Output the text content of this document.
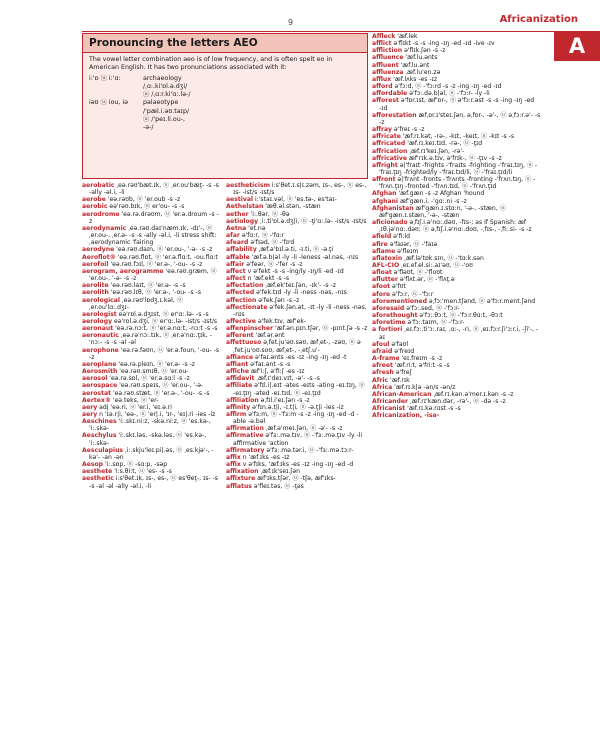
9	Africanization
A
Pronouncing the letters AEO
The vowel letter combination aeo is of low frequency, and is often spelt eo in American English. It has two pronunciations associated with it:
i:'ɒ ⓤ i:'ɑ:	archaeology
/ˌɑ:.ki'ɒl.ə.dʒi/
ⓤ /ˌɑ:r.ki'ɑ:.lə-/
iəʊ ⓤ iou, iə	palaeotype
/'pæl.i.əʊ.taɪp/
ⓤ /'peɪ.li.ou-,
-ə-/
aerobatic ˌeə.rəʊ'bæt.ɪk, ⓤ ˌer.ou'bæţ- -s -s -ally -əl.i, -li
aerobe 'eə.rəʊb, ⓤ 'er.oub -s -z
aerobic eə'rəʊ.bɪk, ⓤ er'ou- -s -s
aerodrome 'eə.rə.drəʊm, ⓤ 'er.ə.droum -s -z
aerodynamic ˌeə.rəʊ.daɪ'næm.ɪk, -dɪ'-, ⓤ ˌer.ou-, ˌer.ə- -s -s -ally -əl.i, -li stress shift: ˌaerodynamic 'fairing
aerodyne 'eə.rəʊ.daɪn, ⓤ 'er.ou-, '-ə- -s -z
Aeroflot® 'eə.rəʊ.flɒt, ⓤ 'er.ə.flɑ:t, -ou.flɑ:t
aerofoil 'eə.rəʊ.fɔɪl, ⓤ 'er.ə-, '-ou- -s -z
aerogram, aerogramme 'eə.rəʊ.græm, ⓤ 'er.ou-, '-ə- -s -z
aerolite 'eə.rəʊ.laɪt, ⓤ 'er.ə- -s -s
aerolith 'eə.rəʊ.lɪθ, ⓤ 'er.ə-, '-ou- -s -s
aerological ˌeə.rəʊ'lɒdʒ.ɪ.kəl, ⓤ ˌer.ou'lɑ:.dʒɪ-
aerologist eə'rɒl.ə.dʒɪst, ⓤ er'ɑ:.lə- -s -s
aerology eə'rɒl.ə.dʒi, ⓤ er'ɑ:.lə- -ist/s -ɪst/s
aeronaut 'eə.rə.nɔ:t, ⓤ 'er.ə.nɑ:t, -nɔ:t -s -s
aeronautic ˌeə.rə'nɔ:.tɪk, ⓤ ˌer.ə'nɑ:.ţɪk, -'nɔ:- -s -s -al -əl
aerophone 'eə.rə.fəʊn, ⓤ 'er.ə.foun, '-ou- -s -z
aeroplane 'eə.rə.pleɪn, ⓤ 'er.ə- -s -z
Aerosmith 'eə.rəʊ.smɪθ, ⓤ 'er.ou-
aerosol 'eə.rə.sɒl, ⓤ 'er.ə.sɑ:l -s -z
aerospace 'eə.rəʊ.speɪs, ⓤ 'er.ou-, '-ə-
aerostat 'eə.rəʊ.stæt, ⓤ 'er.ə-, '-ou- -s -s
Aertex® 'eə.teks, ⓤ 'er-
aery adj 'eə.ri, ⓤ 'er.i, 'eɪ.ə.ri
aery n 'ɪə.r|i, 'eə-, ⓤ 'er|.i, 'ɪr-, 'eɪ|.ri -ies -iz
Aeschines 'i:.skɪ.ni:z, -skə.ni:z, ⓤ 'es.kə-, 'i:.skə-
Aeschylus 'i:.skɪ.ləs, -skə.ləs, ⓤ 'es.kə-, 'i:.skə-
Aesculapius ˌi:.skju'leɪ.pi|.əs, ⓤ ˌes.kjə'-, -kə'- -an -ən
Aesop 'i:.sɒp, ⓤ -sɑ:p, -səp
aesthete 'i:s.θi:t, ⓤ 'es- -s -s
aesthetic i:s'θet.ɪk, ɪs-, es-, ⓤ es'θeţ-, ɪs- -s -s -al -əl -ally -əl.i, -li
aestheticism i:s'θet.ɪ.s|ɪ.zəm, ɪs-, es-, ⓤ es-, ɪs- -ist/s -ɪst/s
aestival i:'staɪ.vəl, ⓤ 'es.tə-, es'taɪ-
Aethelstan 'æθ.əl.stən, -stæn
aether 'i:.θər, ⓤ -θə
aetiology ˌi:.ti'ɒl.ə.dʒ|i, ⓤ -ţi'ɑ:.lə- -ist/s -ɪst/s
Aetna 'et.nə
afar ə'fɑ:r, ⓤ -'fɑ:r
afeard ə'fɪəd, ⓤ -'fɪrd
affability ˌæf.ə'bɪl.ə.ti, -ɪ.ti, ⓤ -ə.ţi
affable 'æf.ə.b|əl -ly -li -leness -əl.nəs, -nɪs
affair ə'feər, ⓤ -'fer -s -z
affect v ə'fekt -s -s -ing/ly -ɪŋ/li -ed -ɪd
affect n 'æf.ekt -s -s
affectation ˌæf.ek'teɪ.ʃən, -ɪk'- -s -z
affected ə'fek.tɪd -ly -li -ness -nəs, -nɪs
affection ə'fek.ʃən -s -z
affectionate ə'fek.ʃən.ət, -ɪt -ly -li -ness -nəs, -nɪs
affective ə'fek.tɪv, æf'ek-
affenpinscher 'æf.ən.pɪn.tʃər, ⓤ -pɪnt.ʃə -s -z
afferent 'æf.ər.ənt
affettuoso əˌfet.ju'əʊ.səʊ, æfˌet-, -zəʊ, ⓤ əˌfet.ju'oʊ.soʊ, æfˌet-, -ˌetʃ.u'-
affiance ə'faɪ.ənts -es -ɪz -ing -ɪŋ -ed -t
affiant ə'faɪ.ənt -s -s
affiche æf'i:ʃ, ə'fi:ʃ -es -ɪz
affidavit ˌæf.ɪ'deɪ.vɪt, -ə'- -s -s
affiliate ə'fɪl.i|.eɪt -ates -eɪts -ating -eɪ.tɪŋ, ⓤ -eɪ.ţɪŋ -ated -eɪ.tɪd, ⓤ -eɪ.ţɪd
affiliation əˌfɪl.i'eɪ.ʃən -s -z
affinity ə'fɪn.ə.t|i, -ɪ.t|i, ⓤ -ə.ţ|i -ies -iz
affirm ə'fɜ:m, ⓤ -'fɜ:m -s -z -ing -ɪŋ -ed -d -able -ə.bəl
affirmation ˌæf.ə'meɪ.ʃən, ⓤ -ə'- -s -z
affirmative ə'fɜ:.mə.tɪv, ⓤ -'fɜ:.mə.ţɪv -ly -li affirmative 'action
affirmatory ə'fɜ:.mə.tər.i, ⓤ -'fɜ:.mə.tɔ:r-
affix n 'æf.ɪks -es -ɪz
affix v ə'fɪks, 'æf.ɪks -es -ɪz -ing -ɪŋ -ed -d
affixation ˌæf.ɪk'seɪ.ʃən
affixture æf'ɪks.tʃər, ⓤ -tʃə, æf'ɪks-
afflatus ə'fleɪ.təs, ⓤ -ţəs
Affleck 'æf.lek
afflict ə'flɪkt -s -s -ing -ɪŋ -ed -ɪd -ive -ɪv
affliction ə'flɪk.ʃən -s -z
affluence 'æf.lu.ənts
affluent 'æf.lu.ənt
affluenza ˌæf.lu'en.zə
afflux 'æf.lʌks -es -ɪz
afford ə'fɔ:d, ⓤ -'fɔ:rd -s -z -ing -ɪŋ -ed -ɪd
affordable ə'fɔ:.də.b|əl, ⓤ -'fɔ:r- -ly -li
afforest ə'fɒr.ɪst, æf'ɒr-, ⓤ ə'fɔ:r.əst -s -s -ing -ɪŋ -ed -ɪd
afforestation æfˌɒr.ɪ'steɪ.ʃən, əˌfɒr-, -ə'-, ⓤ əˌfɔ:r.ə'- -s -z
affray ə'freɪ -s -z
affricate 'æf.rɪ.kət, -rə-, -kɪt, -keɪt, ⓤ -kɪt -s -s
affricated 'æf.rɪ.keɪ.tɪd, -rə-, ⓤ -ţɪd
affrication ˌæf.rɪ'keɪ.ʃən, -rə'-
affricative æf'rɪk.ə.tɪv, ə'frɪk-, ⓤ -ţɪv -s -z
affright ə|'fraɪt -frights -'fraɪts -frighting -'fraɪ.tɪŋ, ⓤ -'fraɪ.ţɪŋ -frighted/ly -'fraɪ.tɪd/li, ⓤ -'fraɪ.ţɪd/li
affront ə|'frʌnt -fronts -'frʌnts -fronting -'frʌn.tɪŋ, ⓤ -'frʌn.ţɪŋ -fronted -'frʌn.tɪd, ⓤ -'frʌn.ţɪd
Afghan 'æf.gæn -s -z Afghan 'hound
afghani æf'gæn.i, -'gɑ:.ni -s -z
Afghanistan æf'gæn.ɪ.stɑ:n, '-ə-, -stæn, ⓤ æf'gæn.ɪ.stæn, '-ə-, -stæn
aficionado əˌfɪʃ.i.ə'nɑ:.dəʊ, -fɪs-; as if Spanish: æfˌɪθ.jə'nɑ:.dəʊ; ⓤ əˌfɪʃ.i.ə'nɑ:.doʊ, -ˌfɪs-, -ˌfi:.si- -s -z
afield ə'fi:ld
afire ə'faɪər, ⓤ -'faɪə
aflame ə'fleɪm
aflatoxin ˌæf.lə'tɒk.sɪn, ⓤ -'tɑ:k.sən
AFL-CIO ˌeɪ.ef.el.si:.aɪ'əʊ, ⓤ -'oʊ
afloat ə'fləʊt, ⓤ -'floʊt
aflutter ə'flʌt.ər, ⓤ -'flʌţ.ə
afoot ə'fʊt
afore ə'fɔ:r, ⓤ -'fɔ:r
aforementioned əˌfɔ:'men.tʃənd, ⓤ əˈfɔ:r.ment.ʃənd
aforesaid ə'fɔ:.sed, ⓤ -'fɔ:r-
aforethought ə'fɔ:.θɔ:t, ⓤ -'fɔ:r.θɑ:t, -θɔ:t
aforetime ə'fɔ:.taɪm, ⓤ -'fɔ:r-
a fortiori ˌeɪ.fɔ:.ti'ɔ:.raɪ, ˌɑ:-, -ri, ⓤ ˌeɪ.fɔ:r.ʃi'ɔ:r.i, -ʃi'-, -aɪ
afoul ə'faʊl
afraid ə'freɪd
A-frame 'eɪ.freɪm -s -z
afreet 'æf.ri:t, ə'fri:t -s -s
afresh ə'freʃ
Afric 'æf.rɪk
Africa 'æf.rɪ.k|ə -an/s -ən/z
African-American ˌæf.rɪ.kən.ə'mer.ɪ.kən -s -z
Africander ˌæf.rɪ'kæn.dər, -rə'-, ⓤ -də -s -z
Africanist 'æf.rɪ.kə.nɪst -s -s
Africanization, -isa-
